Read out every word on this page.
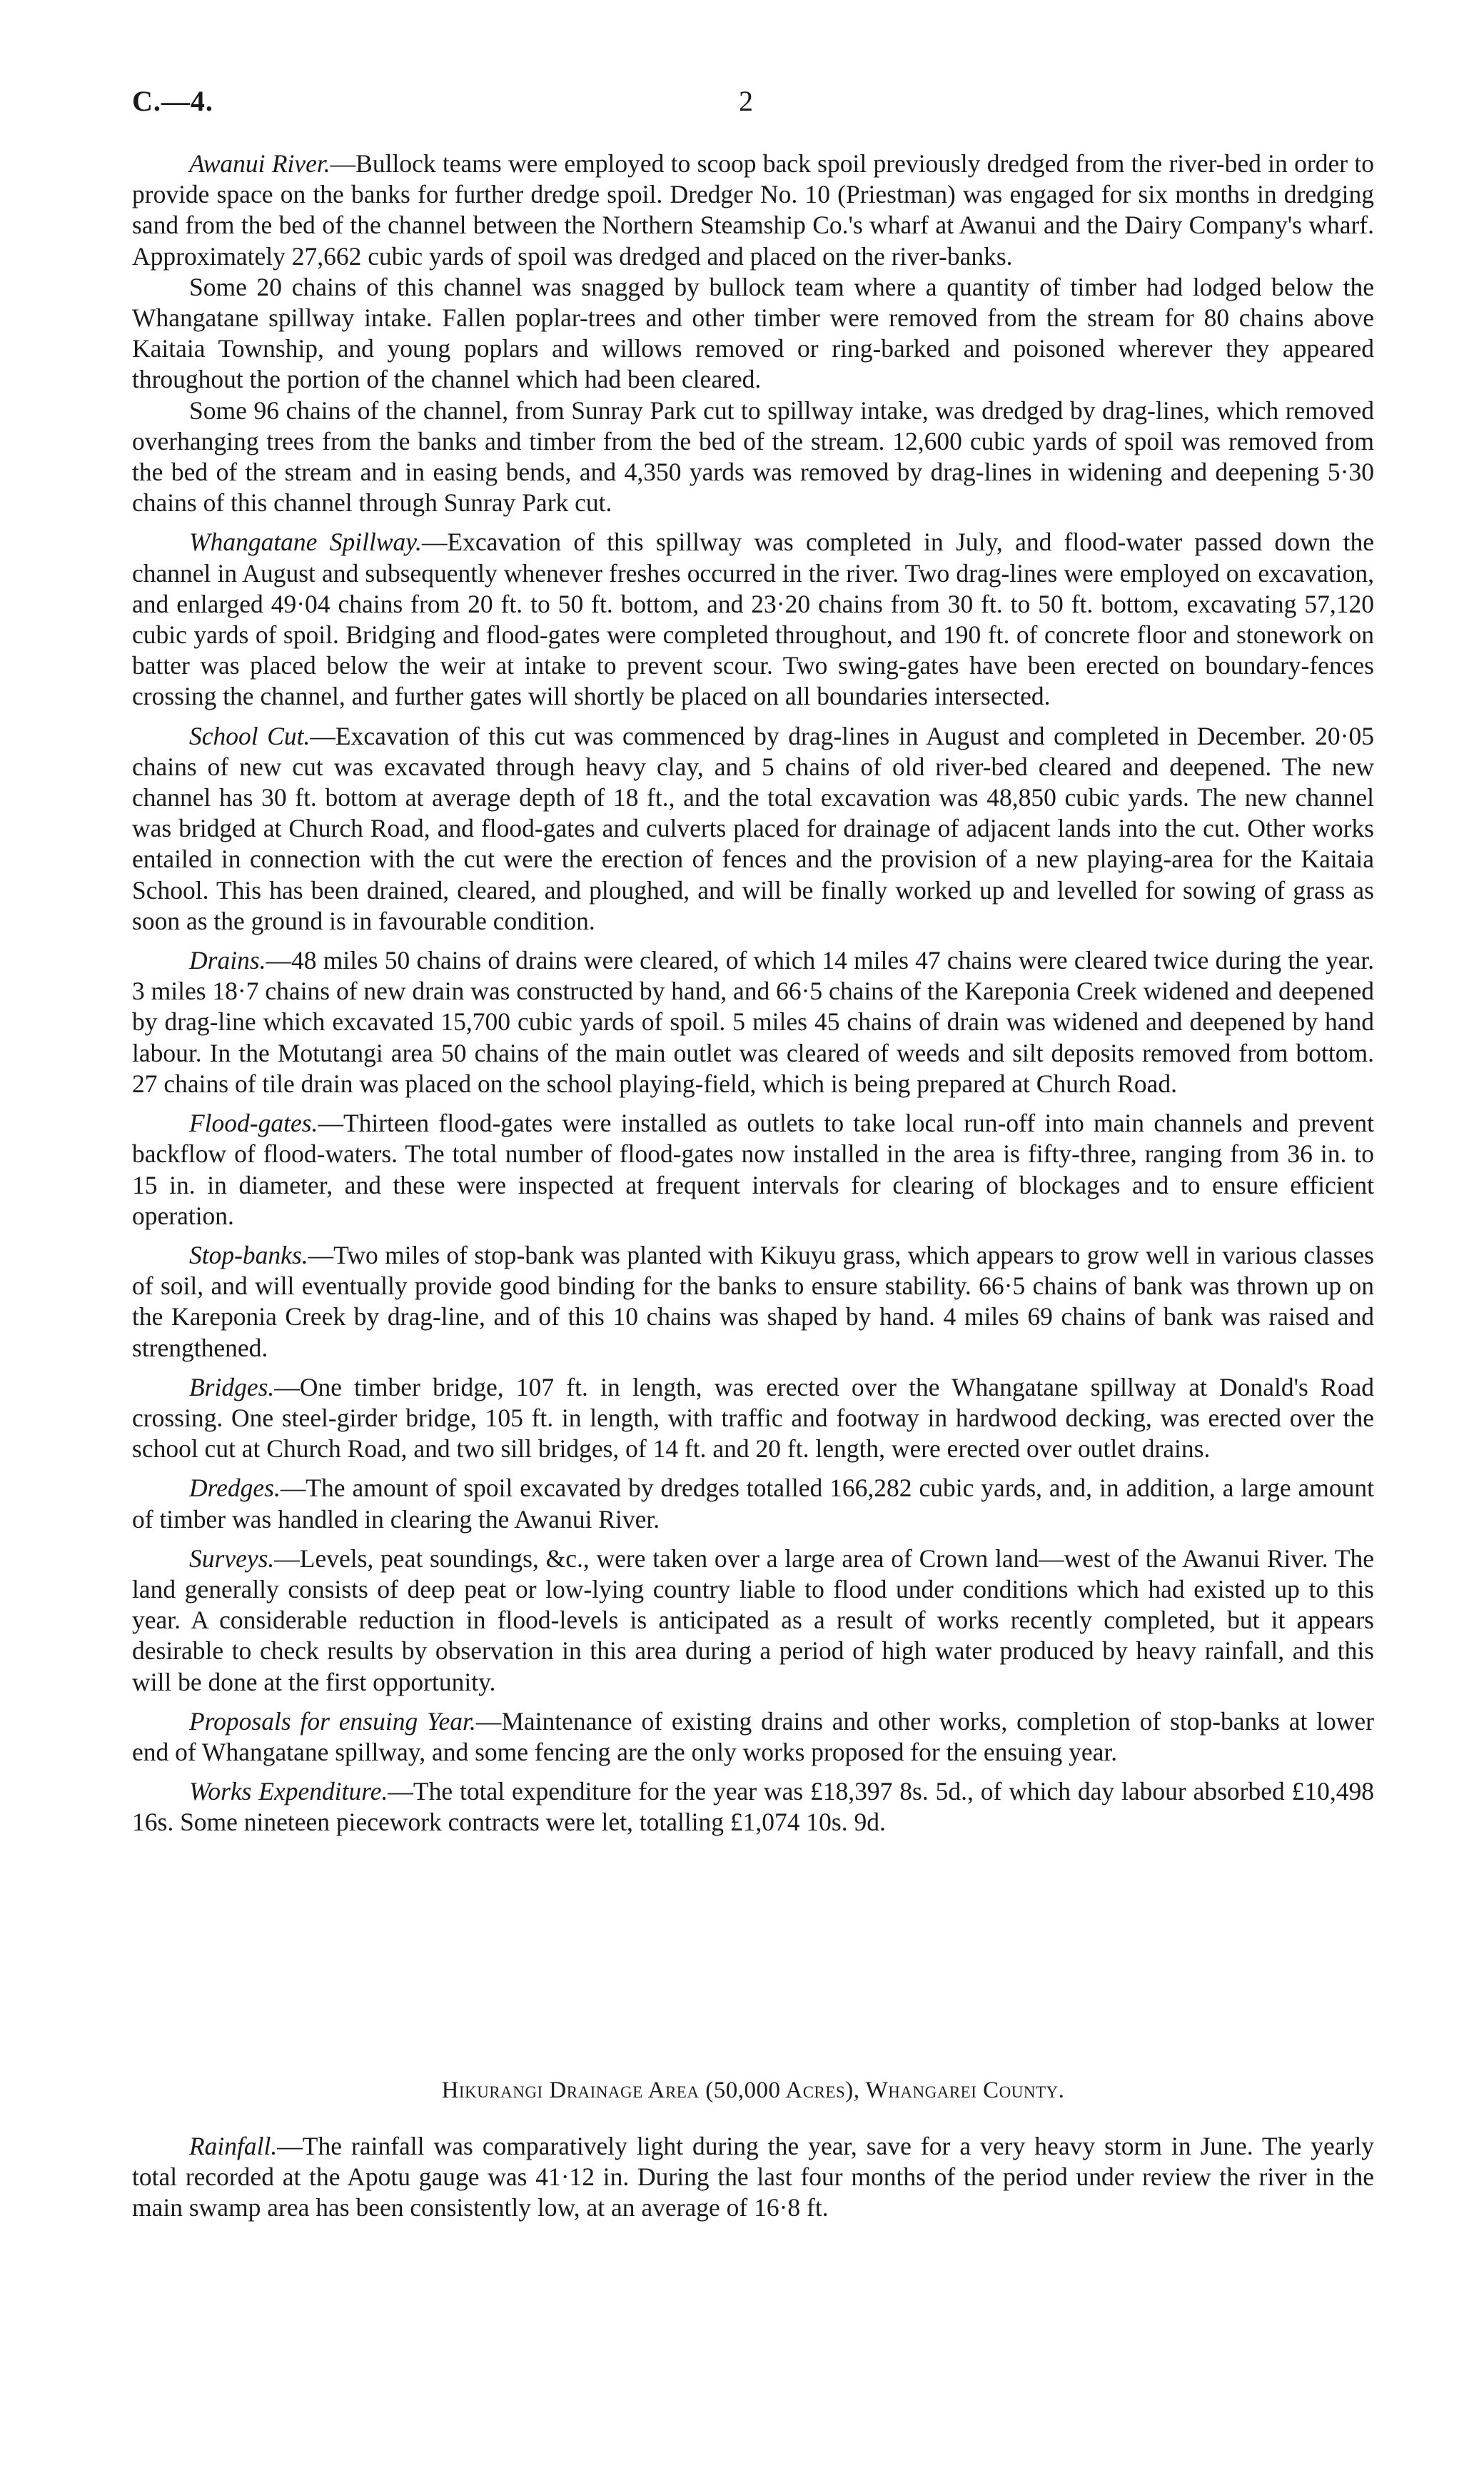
C.—4.	2

Awanui River.—Bullock teams were employed to scoop back spoil previously dredged from the river-bed in order to provide space on the banks for further dredge spoil. Dredger No. 10 (Priestman) was engaged for six months in dredging sand from the bed of the channel between the Northern Steamship Co.'s wharf at Awanui and the Dairy Company's wharf. Approximately 27,662 cubic yards of spoil was dredged and placed on the river-banks.

Some 20 chains of this channel was snagged by bullock team where a quantity of timber had lodged below the Whangatane spillway intake. Fallen poplar-trees and other timber were removed from the stream for 80 chains above Kaitaia Township, and young poplars and willows removed or ring-barked and poisoned wherever they appeared throughout the portion of the channel which had been cleared.

Some 96 chains of the channel, from Sunray Park cut to spillway intake, was dredged by drag-lines, which removed overhanging trees from the banks and timber from the bed of the stream. 12,600 cubic yards of spoil was removed from the bed of the stream and in easing bends, and 4,350 yards was removed by drag-lines in widening and deepening 5·30 chains of this channel through Sunray Park cut.

Whangatane Spillway.—Excavation of this spillway was completed in July, and flood-water passed down the channel in August and subsequently whenever freshes occurred in the river. Two drag-lines were employed on excavation, and enlarged 49·04 chains from 20 ft. to 50 ft. bottom, and 23·20 chains from 30 ft. to 50 ft. bottom, excavating 57,120 cubic yards of spoil. Bridging and flood-gates were completed throughout, and 190 ft. of concrete floor and stonework on batter was placed below the weir at intake to prevent scour. Two swing-gates have been erected on boundary-fences crossing the channel, and further gates will shortly be placed on all boundaries intersected.

School Cut.—Excavation of this cut was commenced by drag-lines in August and completed in December. 20·05 chains of new cut was excavated through heavy clay, and 5 chains of old river-bed cleared and deepened. The new channel has 30 ft. bottom at average depth of 18 ft., and the total excavation was 48,850 cubic yards. The new channel was bridged at Church Road, and flood-gates and culverts placed for drainage of adjacent lands into the cut. Other works entailed in connection with the cut were the erection of fences and the provision of a new playing-area for the Kaitaia School. This has been drained, cleared, and ploughed, and will be finally worked up and levelled for sowing of grass as soon as the ground is in favourable condition.

Drains.—48 miles 50 chains of drains were cleared, of which 14 miles 47 chains were cleared twice during the year. 3 miles 18·7 chains of new drain was constructed by hand, and 66·5 chains of the Kareponia Creek widened and deepened by drag-line which excavated 15,700 cubic yards of spoil. 5 miles 45 chains of drain was widened and deepened by hand labour. In the Motutangi area 50 chains of the main outlet was cleared of weeds and silt deposits removed from bottom. 27 chains of tile drain was placed on the school playing-field, which is being prepared at Church Road.

Flood-gates.—Thirteen flood-gates were installed as outlets to take local run-off into main channels and prevent backflow of flood-waters. The total number of flood-gates now installed in the area is fifty-three, ranging from 36 in. to 15 in. in diameter, and these were inspected at frequent intervals for clearing of blockages and to ensure efficient operation.

Stop-banks.—Two miles of stop-bank was planted with Kikuyu grass, which appears to grow well in various classes of soil, and will eventually provide good binding for the banks to ensure stability. 66·5 chains of bank was thrown up on the Kareponia Creek by drag-line, and of this 10 chains was shaped by hand. 4 miles 69 chains of bank was raised and strengthened.

Bridges.—One timber bridge, 107 ft. in length, was erected over the Whangatane spillway at Donald's Road crossing. One steel-girder bridge, 105 ft. in length, with traffic and footway in hardwood decking, was erected over the school cut at Church Road, and two sill bridges, of 14 ft. and 20 ft. length, were erected over outlet drains.

Dredges.—The amount of spoil excavated by dredges totalled 166,282 cubic yards, and, in addition, a large amount of timber was handled in clearing the Awanui River.

Surveys.—Levels, peat soundings, &c., were taken over a large area of Crown land—west of the Awanui River. The land generally consists of deep peat or low-lying country liable to flood under conditions which had existed up to this year. A considerable reduction in flood-levels is anticipated as a result of works recently completed, but it appears desirable to check results by observation in this area during a period of high water produced by heavy rainfall, and this will be done at the first opportunity.

Proposals for ensuing Year.—Maintenance of existing drains and other works, completion of stop-banks at lower end of Whangatane spillway, and some fencing are the only works proposed for the ensuing year.

Works Expenditure.—The total expenditure for the year was £18,397 8s. 5d., of which day labour absorbed £10,498 16s. Some nineteen piecework contracts were let, totalling £1,074 10s. 9d.

Hikurangi Drainage Area (50,000 Acres), Whangarei County.

Rainfall.—The rainfall was comparatively light during the year, save for a very heavy storm in June. The yearly total recorded at the Apotu gauge was 41·12 in. During the last four months of the period under review the river in the main swamp area has been consistently low, at an average of 16·8 ft.
